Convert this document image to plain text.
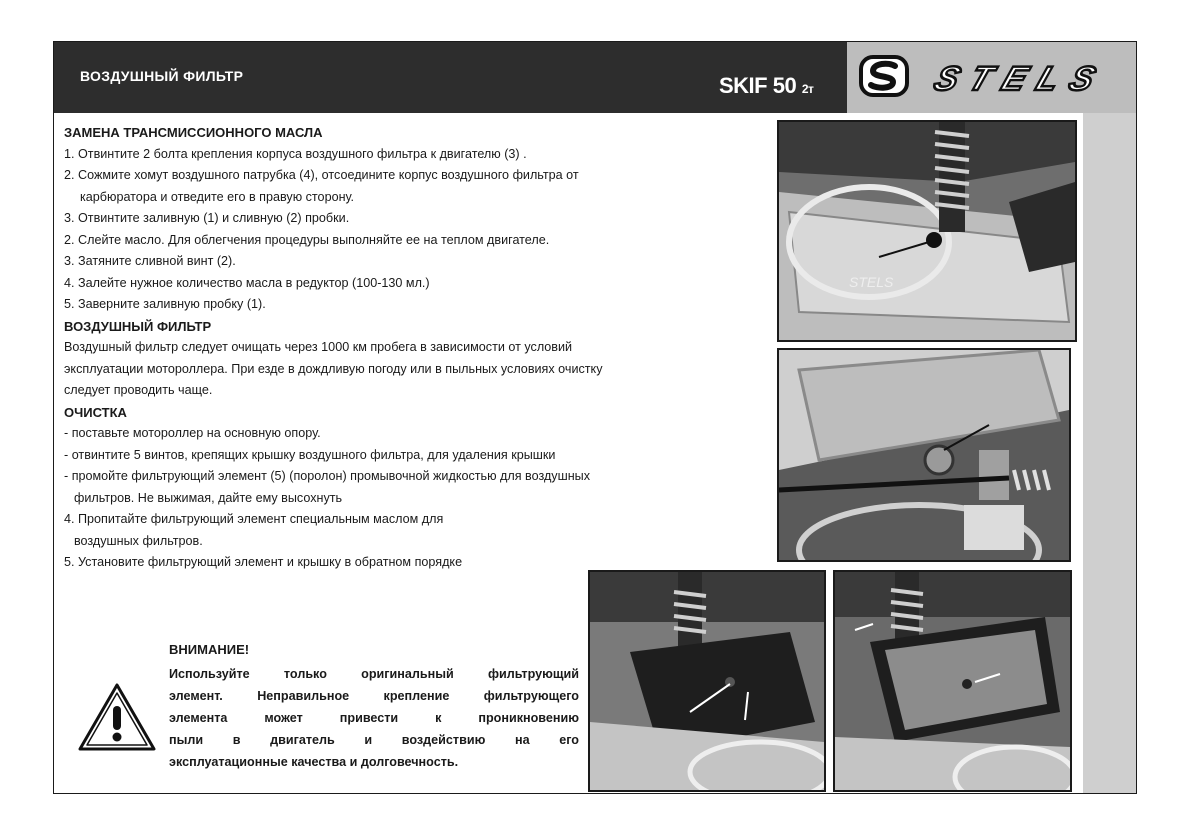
ВОЗДУШНЫЙ ФИЛЬТР	SKIF 50 2т	STELS

ЗАМЕНА ТРАНСМИССИОННОГО МАСЛА

1. Отвинтите 2 болта крепления корпуса воздушного фильтра к двигателю (3) .

2. Сожмите хомут воздушного патрубка (4), отсоедините корпус воздушного фильтра от

карбюратора и отведите его в правую сторону.

3. Отвинтите заливную (1) и сливную (2) пробки.

2. Слейте масло. Для облегчения процедуры выполняйте ее на теплом двигателе.

3. Затяните сливной винт (2).

4. Залейте нужное количество масла в редуктор (100-130 мл.)

5. Заверните заливную пробку (1).

ВОЗДУШНЫЙ ФИЛЬТР

Воздушный фильтр следует очищать через 1000 км пробега в зависимости от условий

эксплуатации мотороллера. При езде в дождливую погоду или в пыльных условиях очистку

следует проводить чаще.

ОЧИСТКА

- поставьте мотороллер на основную опору.

- отвинтите 5 винтов, крепящих крышку воздушного фильтра, для удаления крышки

- промойте фильтрующий элемент (5) (поролон) промывочной жидкостью для воздушных

фильтров. Не выжимая, дайте ему высохнуть

4. Пропитайте фильтрующий элемент специальным маслом для

воздушных фильтров.

5. Установите фильтрующий элемент и крышку в обратном порядке

ВНИМАНИЕ!

Используйте только оригинальный фильтрующий

элемент. Неправильное крепление фильтрующего

элемента может привести к проникновению

пыли в двигатель и воздействию на его

эксплуатационные качества и долговечность.

STELS
